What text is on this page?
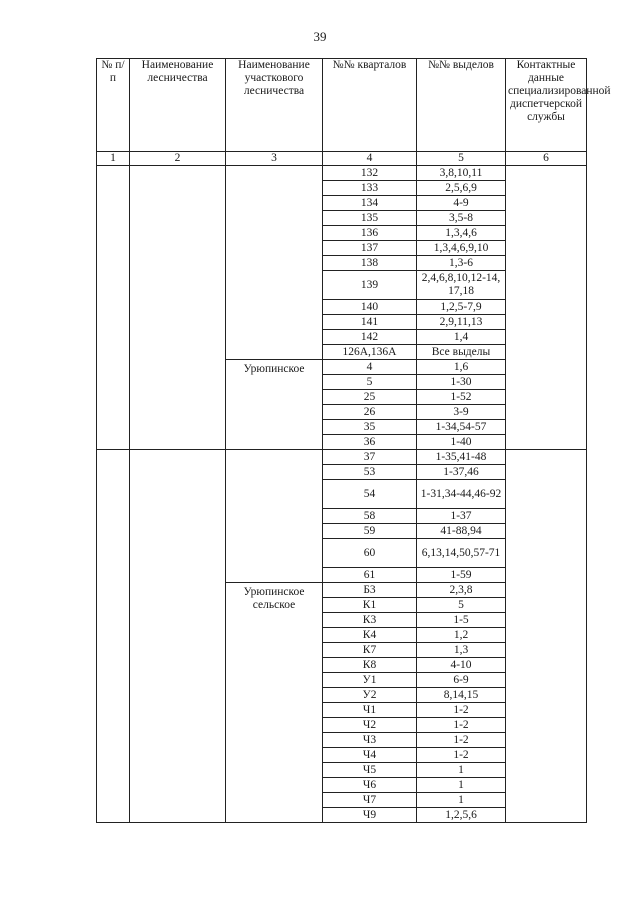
39
№ п/п	Наименование лесничества	Наименование участкового лесничества	№№ кварталов	№№ выделов	Контактные данные специализированной диспетчерской службы
1	2	3	4	5	6
			132	3,8,10,11	
			133	2,5,6,9	
			134	4-9	
			135	3,5-8	
			136	1,3,4,6	
			137	1,3,4,6,9,10	
			138	1,3-6	
			139	2,4,6,8,10,12-14, 17,18	
			140	1,2,5-7,9	
			141	2,9,11,13	
			142	1,4	
			126А,136А	Все выделы	
		Урюпинское	4	1,6	
			5	1-30	
			25	1-52	
			26	3-9	
			35	1-34,54-57	
			36	1-40	
			37	1-35,41-48	
			53	1-37,46	
			54	1-31,34-44,46-92	
			58	1-37	
			59	41-88,94	
			60	6,13,14,50,57-71	
			61	1-59	
		Урюпинское сельское	Б3	2,3,8	
			К1	5	
			К3	1-5	
			К4	1,2	
			К7	1,3	
			К8	4-10	
			У1	6-9	
			У2	8,14,15	
			Ч1	1-2	
			Ч2	1-2	
			Ч3	1-2	
			Ч4	1-2	
			Ч5	1	
			Ч6	1	
			Ч7	1	
			Ч9	1,2,5,6	
